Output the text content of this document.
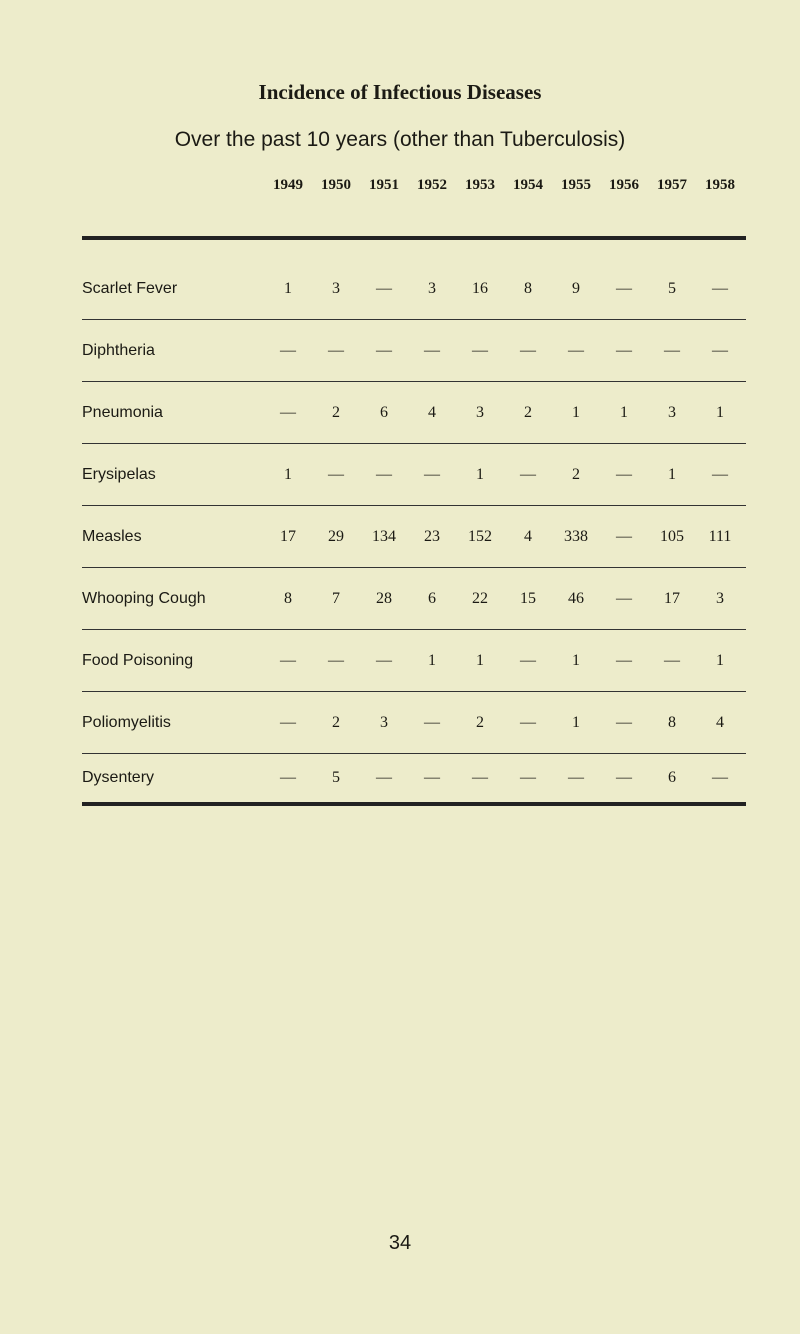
Incidence of Infectious Diseases
Over the past 10 years (other than Tuberculosis)
1949	1950	1951	1952	1953	1954	1955	1956	1957	1958
Scarlet Fever	1	3	—	3	16	8	9	—	5	—
Diphtheria	—	—	—	—	—	—	—	—	—	—
Pneumonia	—	2	6	4	3	2	1	1	3	1
Erysipelas	1	—	—	—	1	—	2	—	1	—
Measles	17	29	134	23	152	4	338	—	105	111
Whooping Cough	8	7	28	6	22	15	46	—	17	3
Food Poisoning	—	—	—	1	1	—	1	—	—	1
Poliomyelitis	—	2	3	—	2	—	1	—	8	4
Dysentery	—	5	—	—	—	—	—	—	6	—
34
